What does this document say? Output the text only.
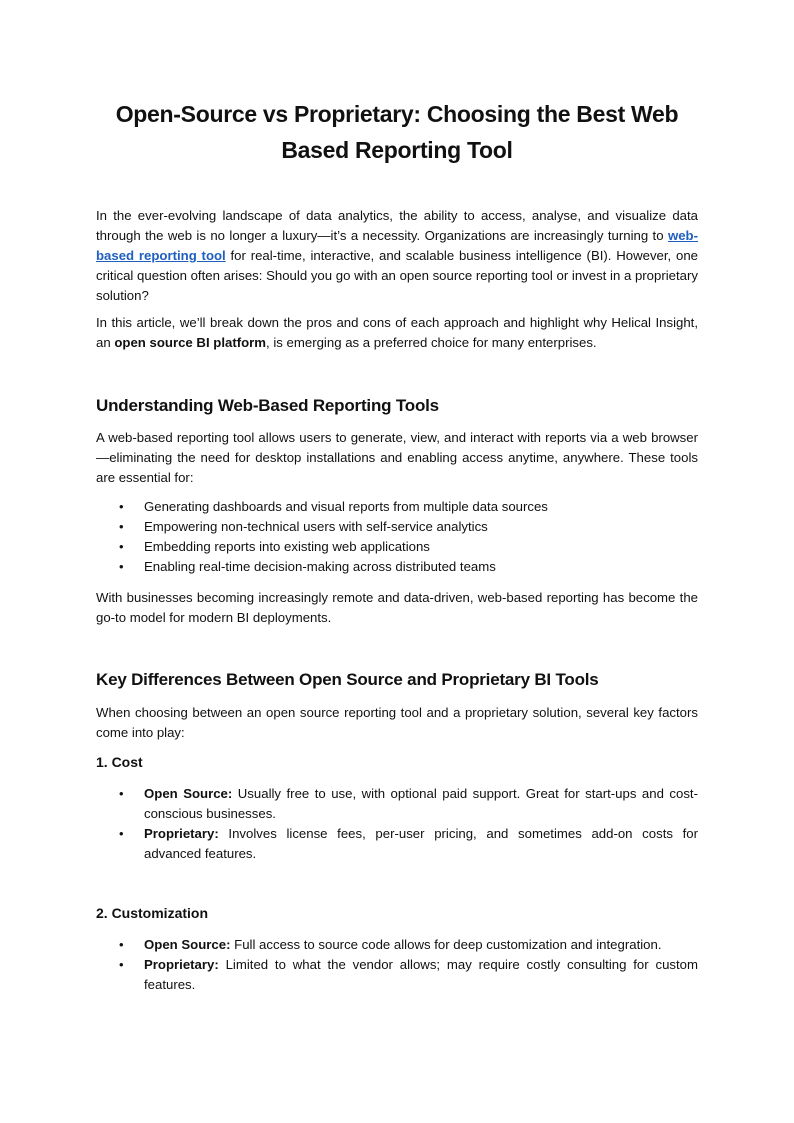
Open-Source vs Proprietary: Choosing the Best Web Based Reporting Tool
In the ever-evolving landscape of data analytics, the ability to access, analyse, and visualize data through the web is no longer a luxury—it’s a necessity. Organizations are increasingly turning to web-based reporting tool for real-time, interactive, and scalable business intelligence (BI). However, one critical question often arises: Should you go with an open source reporting tool or invest in a proprietary solution?
In this article, we’ll break down the pros and cons of each approach and highlight why Helical Insight, an open source BI platform, is emerging as a preferred choice for many enterprises.
Understanding Web-Based Reporting Tools
A web-based reporting tool allows users to generate, view, and interact with reports via a web browser—eliminating the need for desktop installations and enabling access anytime, anywhere. These tools are essential for:
• Generating dashboards and visual reports from multiple data sources
• Empowering non-technical users with self-service analytics
• Embedding reports into existing web applications
• Enabling real-time decision-making across distributed teams
With businesses becoming increasingly remote and data-driven, web-based reporting has become the go-to model for modern BI deployments.
Key Differences Between Open Source and Proprietary BI Tools
When choosing between an open source reporting tool and a proprietary solution, several key factors come into play:
1. Cost
• Open Source: Usually free to use, with optional paid support. Great for start-ups and cost-conscious businesses.
• Proprietary: Involves license fees, per-user pricing, and sometimes add-on costs for advanced features.
2. Customization
• Open Source: Full access to source code allows for deep customization and integration.
• Proprietary: Limited to what the vendor allows; may require costly consulting for custom features.
